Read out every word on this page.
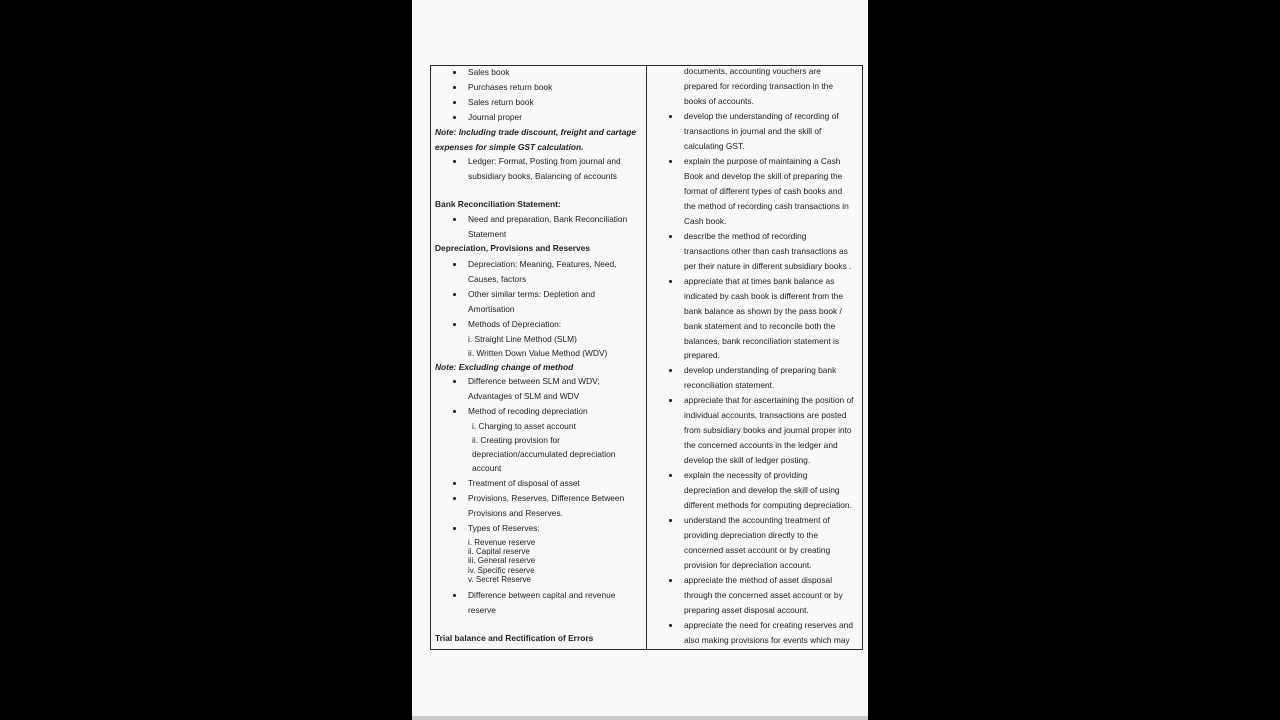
Sales book
Purchases return book
Sales return book
Journal proper
Note: Including trade discount, freight and cartage
expenses for simple GST calculation.
Ledger: Format, Posting from journal and
subsidiary books, Balancing of accounts
Bank Reconciliation Statement:
Need and preparation, Bank Reconciliation
Statement
Depreciation, Provisions and Reserves
Depreciation: Meaning, Features, Need,
Causes, factors
Other similar terms: Depletion and
Amortisation
Methods of Depreciation:
i. Straight Line Method (SLM)
ii. Written Down Value Method (WDV)
Note: Excluding change of method
Difference between SLM and WDV;
Advantages of SLM and WDV
Method of recoding depreciation
i. Charging to asset account
ii. Creating provision for
depreciation/accumulated depreciation
account
Treatment of disposal of asset
Provisions, Reserves, Difference Between
Provisions and Reserves.
Types of Reserves:
i. Revenue reserve
ii. Capital reserve
iii. General reserve
iv. Specific reserve
v. Secret Reserve
Difference between capital and revenue
reserve
Trial balance and Rectification of Errors
documents, accounting vouchers are
prepared for recording transaction in the
books of accounts.
develop the understanding of recording of
transactions in journal and the skill of
calculating GST.
explain the purpose of maintaining a Cash
Book and develop the skill of preparing the
format of different types of cash books and
the method of recording cash transactions in
Cash book.
describe the method of recording
transactions other than cash transactions as
per their nature in different subsidiary books .
appreciate that at times bank balance as
indicated by cash book is different from the
bank balance as shown by the pass book /
bank statement and to reconcile both the
balances, bank reconciliation statement is
prepared.
develop understanding of preparing bank
reconciliation statement.
appreciate that for ascertaining the position of
individual accounts, transactions are posted
from subsidiary books and journal proper into
the concerned accounts in the ledger and
develop the skill of ledger posting.
explain the necessity of providing
depreciation and develop the skill of using
different methods for computing depreciation.
understand the accounting treatment of
providing depreciation directly to the
concerned asset account or by creating
provision for depreciation account.
appreciate the method of asset disposal
through the concerned asset account or by
preparing asset disposal account.
appreciate the need for creating reserves and
also making provisions for events which may
